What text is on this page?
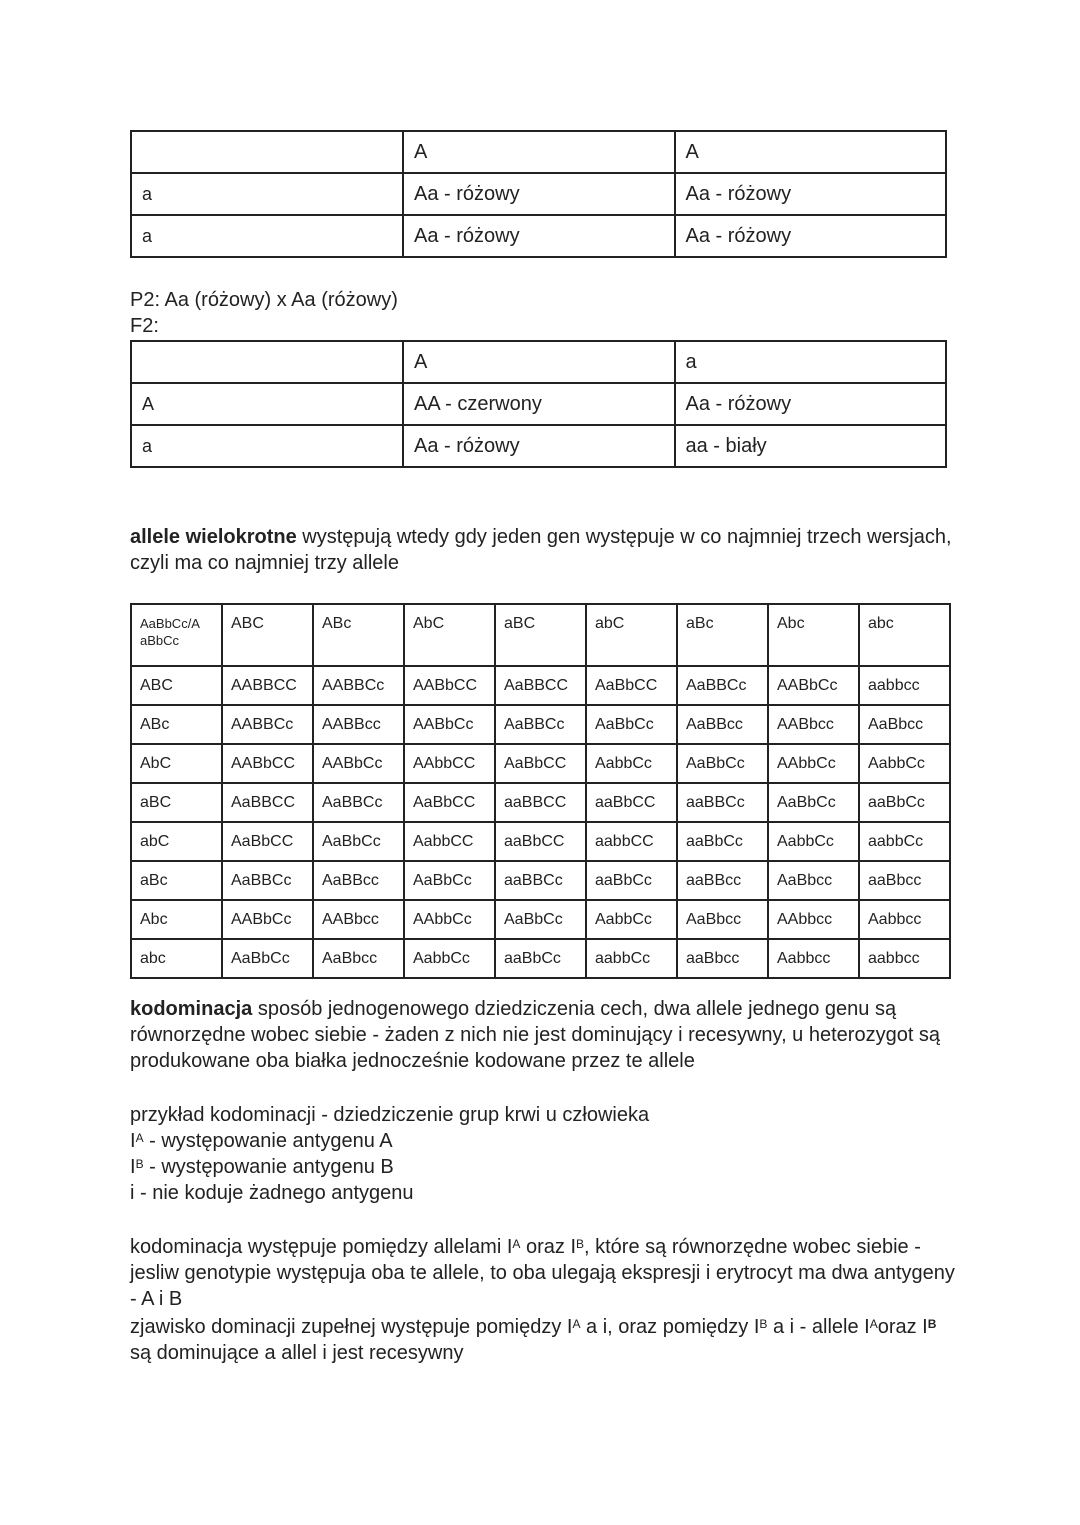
	A	A
a	Aa - różowy	Aa - różowy
a	Aa - różowy	Aa - różowy
P2: Aa (różowy) x Aa (różowy)
F2:
	A	a
A	AA - czerwony	Aa - różowy
a	Aa - różowy	aa - biały
allele wielokrotne występują wtedy gdy jeden gen występuje w co najmniej trzech wersjach, czyli ma co najmniej trzy allele
AaBbCc/A
aBbCc	ABC	ABc	AbC	aBC	abC	aBc	Abc	abc
ABC	AABBCC	AABBCc	AABbCC	AaBBCC	AaBbCC	AaBBCc	AABbCc	aabbcc
ABc	AABBCc	AABBcc	AABbCc	AaBBCc	AaBbCc	AaBBcc	AABbcc	AaBbcc
AbC	AABbCC	AABbCc	AAbbCC	AaBbCC	AabbCc	AaBbCc	AAbbCc	AabbCc
aBC	AaBBCC	AaBBCc	AaBbCC	aaBBCC	aaBbCC	aaBBCc	AaBbCc	aaBbCc
abC	AaBbCC	AaBbCc	AabbCC	aaBbCC	aabbCC	aaBbCc	AabbCc	aabbCc
aBc	AaBBCc	AaBBcc	AaBbCc	aaBBCc	aaBbCc	aaBBcc	AaBbcc	aaBbcc
Abc	AABbCc	AABbcc	AAbbCc	AaBbCc	AabbCc	AaBbcc	AAbbcc	Aabbcc
abc	AaBbCc	AaBbcc	AabbCc	aaBbCc	aabbCc	aaBbcc	Aabbcc	aabbcc
kodominacja sposób jednogenowego dziedziczenia cech, dwa allele jednego genu są równorzędne wobec siebie - żaden z nich nie jest dominujący i recesywny, u heterozygot są produkowane oba białka jednocześnie kodowane przez te allele
przykład kodominacji - dziedziczenie grup krwi u człowieka
$I^A$ - występowanie antygenu A
$I^B$ - występowanie antygenu B
i - nie koduje żadnego antygenu
kodominacja występuje pomiędzy allelami $I^A$ oraz $I^B$, które są równorzędne wobec siebie - jesliw genotypie występuja oba te allele, to oba ulegają ekspresji i erytrocyt ma dwa antygeny - A i B
zjawisko dominacji zupełnej występuje pomiędzy $I^A$ a i, oraz pomiędzy $I^B$ a i - allele $I^Aoraz$ $I^B$
są dominujące a allel i jest recesywny
